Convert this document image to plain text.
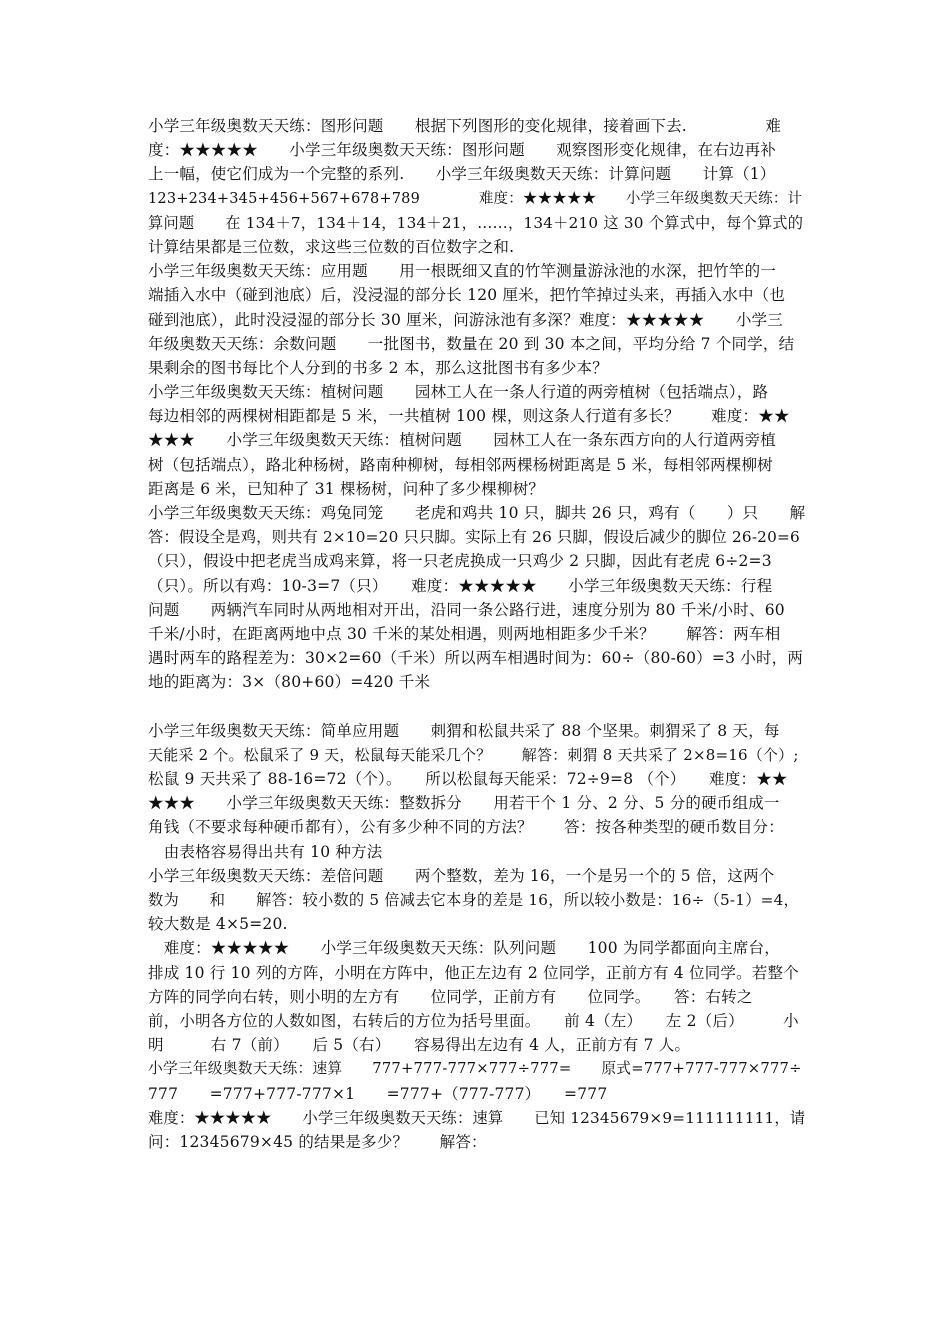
小学三年级奥数天天练：图形问题　　根据下列图形的变化规律，接着画下去.　　　　　难
度：★★★★★　　小学三年级奥数天天练：图形问题　　观察图形变化规律，在右边再补
上一幅，使它们成为一个完整的系列.　　小学三年级奥数天天练：计算问题　　计算（1）
123+234+345+456+567+678+789　　　　难度：★★★★★　　小学三年级奥数天天练：计
算问题　　在 134＋7，134＋14，134＋21，……，134＋210 这 30 个算式中，每个算式的
计算结果都是三位数，求这些三位数的百位数字之和.
小学三年级奥数天天练：应用题　　用一根既细又直的竹竿测量游泳池的水深，把竹竿的一
端插入水中（碰到池底）后，没浸湿的部分长 120 厘米，把竹竿掉过头来，再插入水中（也
碰到池底），此时没浸湿的部分长 30 厘米，问游泳池有多深？难度：★★★★★　　小学三
年级奥数天天练：余数问题　　一批图书，数量在 20 到 30 本之间，平均分给 7 个同学，结
果剩余的图书每比个人分到的书多 2 本，那么这批图书有多少本？
小学三年级奥数天天练：植树问题　　园林工人在一条人行道的两旁植树（包括端点），路
每边相邻的两棵树相距都是 5 米，一共植树 100 棵，则这条人行道有多长？　　难度：★★
★★★　　小学三年级奥数天天练：植树问题　　园林工人在一条东西方向的人行道两旁植
树（包括端点），路北种杨树，路南种柳树，每相邻两棵杨树距离是 5 米，每相邻两棵柳树
距离是 6 米，已知种了 31 棵杨树，问种了多少棵柳树？
小学三年级奥数天天练：鸡兔同笼　　老虎和鸡共 10 只，脚共 26 只，鸡有（　　）只　　解
答：假设全是鸡，则共有 2×10=20 只只脚。实际上有 26 只脚，假设后减少的脚位 26-20=6
（只），假设中把老虎当成鸡来算，将一只老虎换成一只鸡少 2 只脚，因此有老虎 6÷2=3
（只）。所以有鸡：10-3=7（只）　　难度：★★★★★　　小学三年级奥数天天练：行程
问题　　两辆汽车同时从两地相对开出，沿同一条公路行进，速度分别为 80 千米/小时、60
千米/小时，在距离两地中点 30 千米的某处相遇，则两地相距多少千米？　　解答：两车相
遇时两车的路程差为：30×2=60（千米）所以两车相遇时间为：60÷（80-60）=3 小时，两
地的距离为：3×（80+60）=420 千米
小学三年级奥数天天练：简单应用题　　刺猬和松鼠共采了 88 个坚果。刺猬采了 8 天，每
天能采 2 个。松鼠采了 9 天，松鼠每天能采几个？　　解答：刺猬 8 天共采了 2×8=16（个）;
松鼠 9 天共采了 88-16=72（个）。　　所以松鼠每天能采：72÷9=8 （个）　　难度：★★
★★★　　小学三年级奥数天天练：整数拆分　　用若干个 1 分、2 分、5 分的硬币组成一
角钱（不要求每种硬币都有），公有多少种不同的方法？　　答：按各种类型的硬币数目分：
　由表格容易得出共有 10 种方法
小学三年级奥数天天练：差倍问题　　两个整数，差为 16，一个是另一个的 5 倍，这两个
数为　　和　　解答：较小数的 5 倍减去它本身的差是 16，所以较小数是：16÷（5-1）=4，
较大数是 4×5=20.
　难度：★★★★★　　小学三年级奥数天天练：队列问题　　100 为同学都面向主席台，
排成 10 行 10 列的方阵，小明在方阵中，他正左边有 2 位同学，正前方有 4 位同学。若整个
方阵的同学向右转，则小明的左方有　　位同学，正前方有　　位同学。　　答：右转之
前，小明各方位的人数如图，右转后的方位为括号里面。　　前 4（左）　　左 2（后）　　　小
明　　　右 7（前）　　后 5（右）　　容易得出左边有 4 人，正前方有 7 人。
小学三年级奥数天天练：速算　　777+777-777×777÷777=　　原式=777+777-777×777÷
777　　=777+777-777×1　　=777+（777-777）　　=777
难度：★★★★★　　小学三年级奥数天天练：速算　　已知 12345679×9=111111111，请
问：12345679×45 的结果是多少？　　解答：
